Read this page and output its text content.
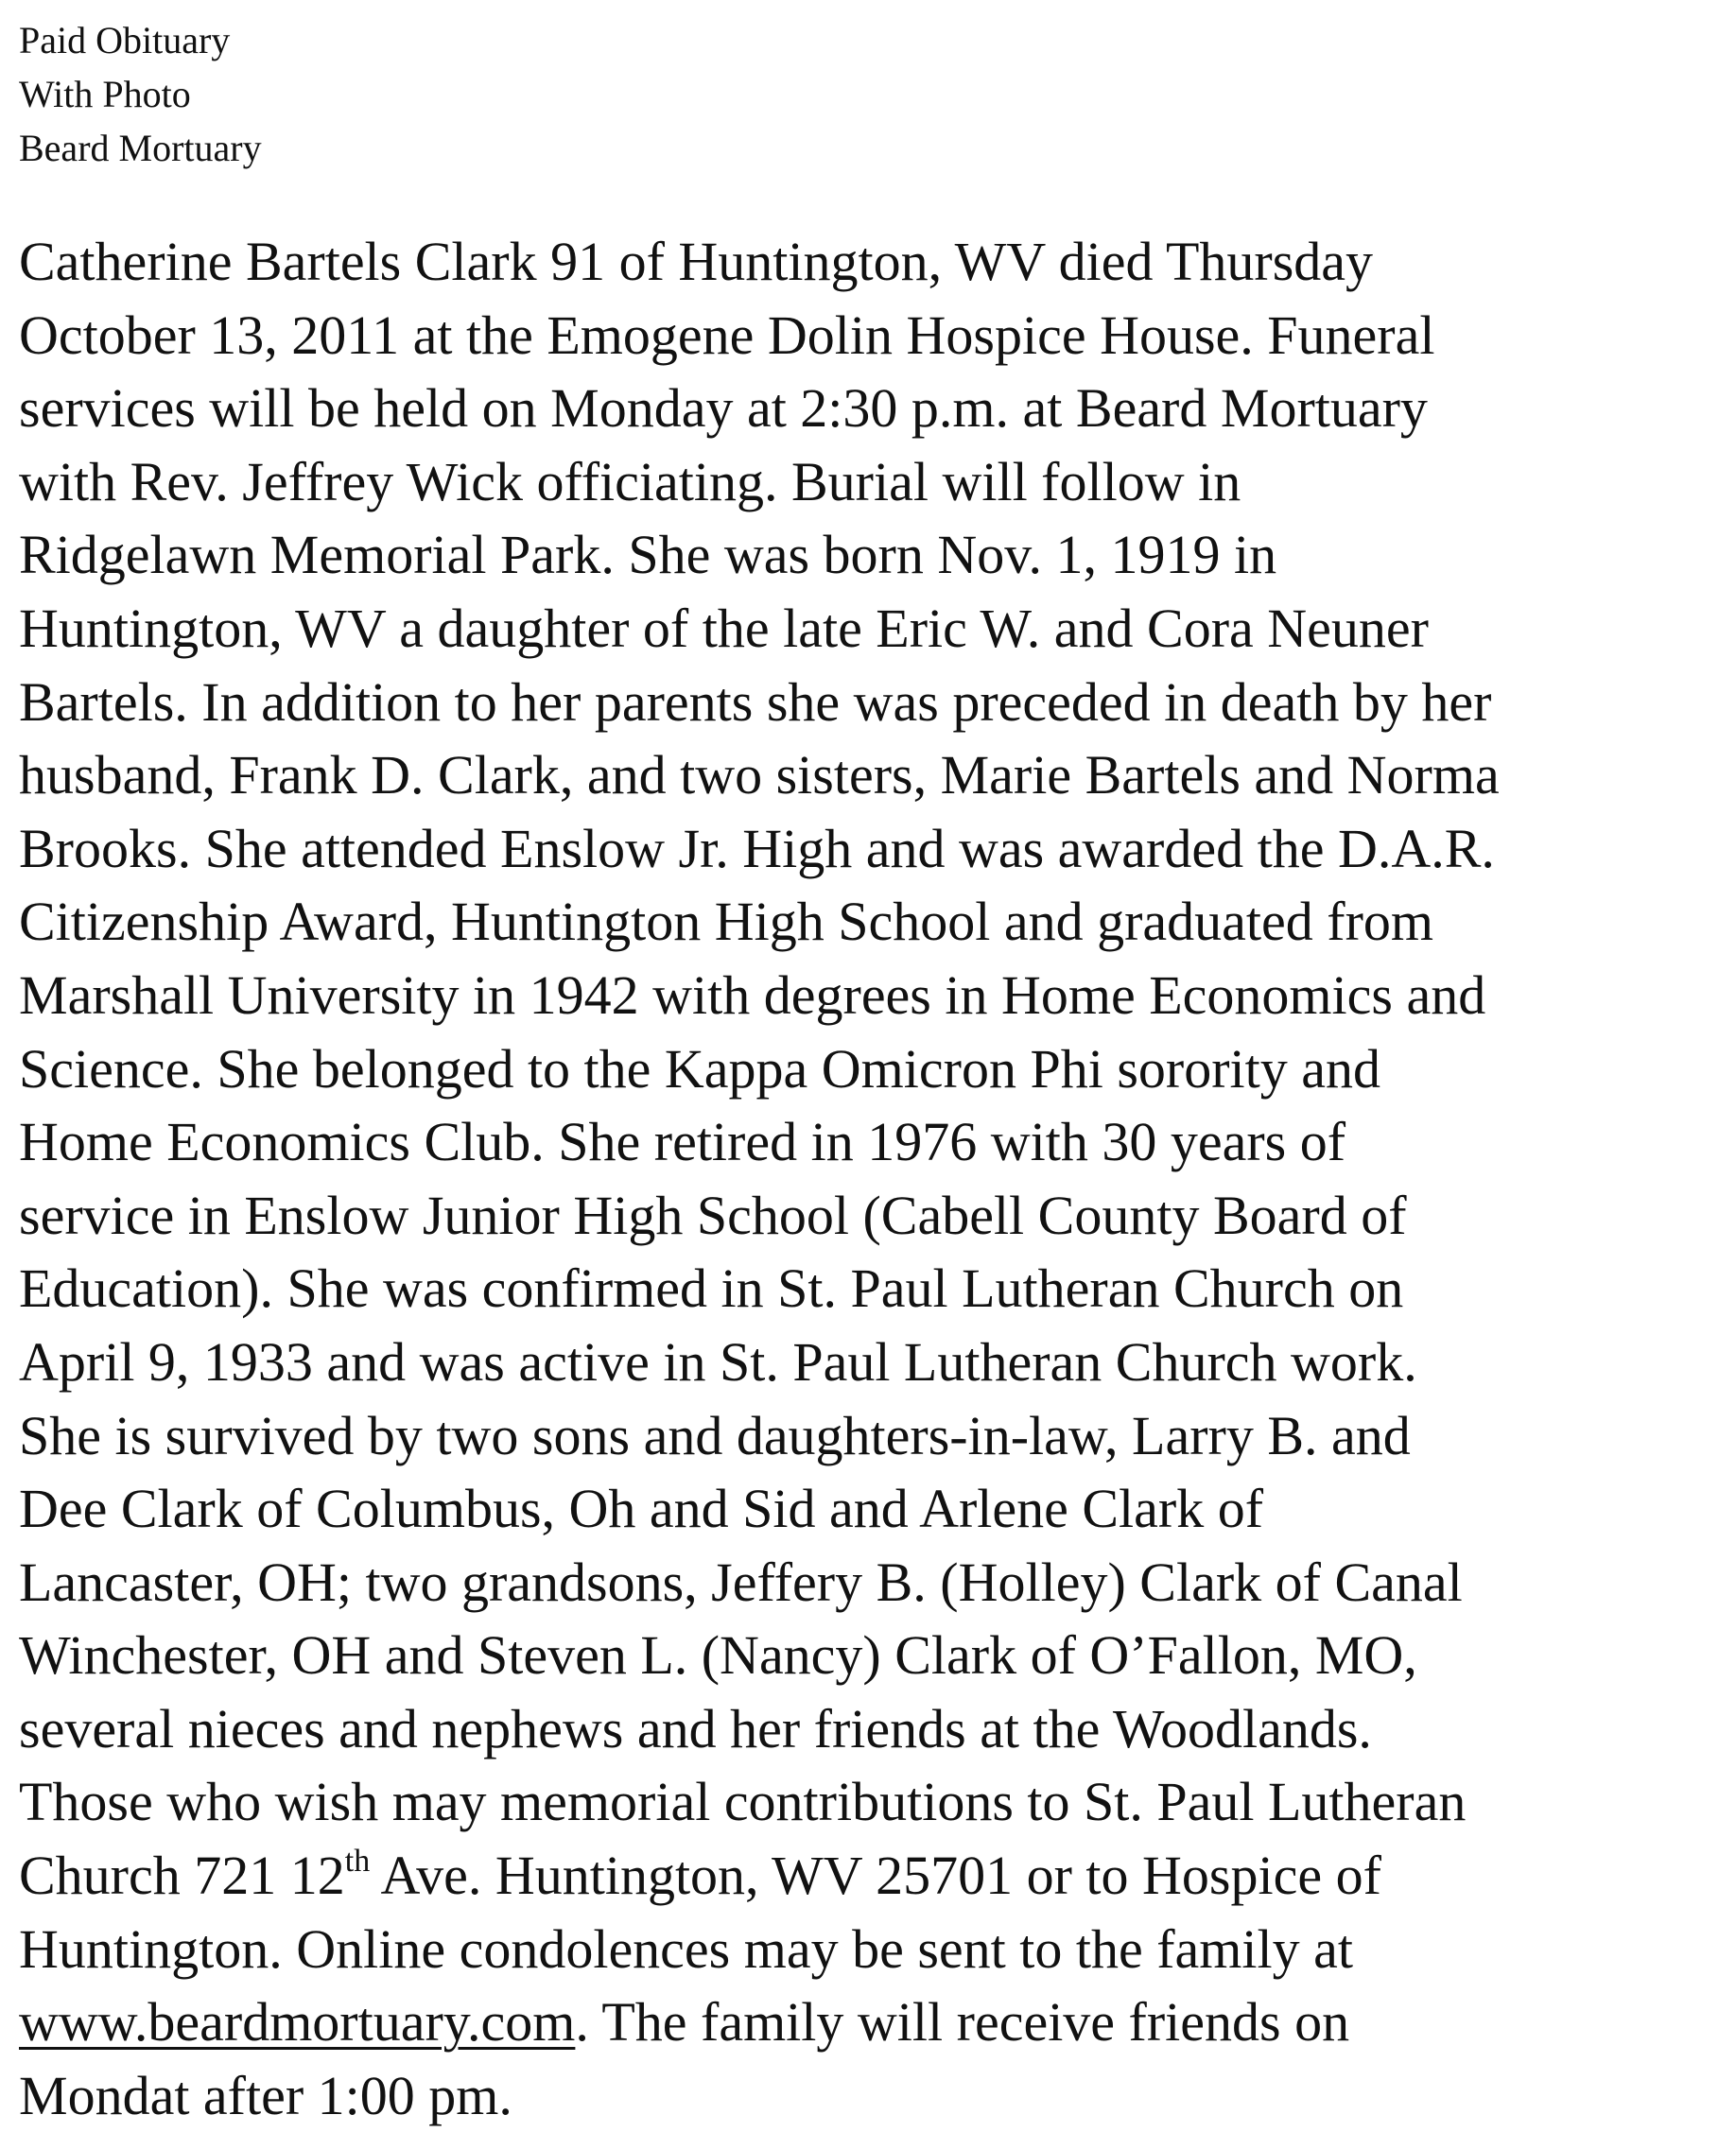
Paid Obituary
With Photo
Beard Mortuary
Catherine Bartels Clark 91 of Huntington, WV died Thursday
October 13, 2011 at the Emogene Dolin Hospice House. Funeral
services will be held on Monday at 2:30 p.m. at Beard Mortuary
with Rev. Jeffrey Wick officiating. Burial will follow in
Ridgelawn Memorial Park. She was born Nov. 1, 1919 in
Huntington, WV a daughter of the late Eric W. and Cora Neuner
Bartels. In addition to her parents she was preceded in death by her
husband, Frank D. Clark, and two sisters, Marie Bartels and Norma
Brooks. She attended Enslow Jr. High and was awarded the D.A.R.
Citizenship Award, Huntington High School and graduated from
Marshall University in 1942 with degrees in Home Economics and
Science. She belonged to the Kappa Omicron Phi sorority and
Home Economics Club. She retired in 1976 with 30 years of
service in Enslow Junior High School (Cabell County Board of
Education). She was confirmed in St. Paul Lutheran Church on
April 9, 1933 and was active in St. Paul Lutheran Church work.
She is survived by two sons and daughters-in-law, Larry B. and
Dee Clark of Columbus, Oh and Sid and Arlene Clark of
Lancaster, OH; two grandsons, Jeffery B. (Holley) Clark of Canal
Winchester, OH and Steven L. (Nancy) Clark of O’Fallon, MO,
several nieces and nephews and her friends at the Woodlands.
Those who wish may memorial contributions to St. Paul Lutheran
Church 721 12th Ave. Huntington, WV 25701 or to Hospice of
Huntington. Online condolences may be sent to the family at
www.beardmortuary.com. The family will receive friends on
Mondat after 1:00 pm.
